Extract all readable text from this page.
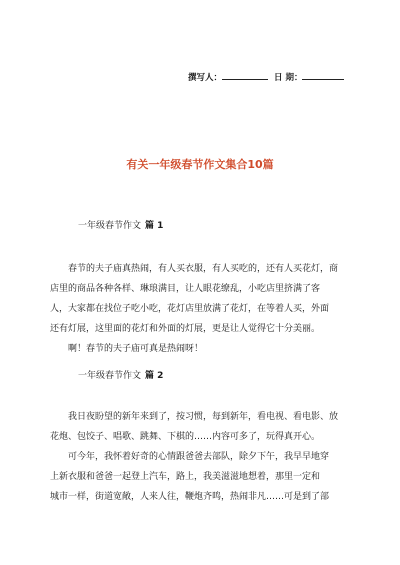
撰写人：	日 期：
有关一年级春节作文集合10篇
一年级春节作文 篇 1
春节的夫子庙真热闹，有人买衣服，有人买吃的，还有人买花灯，商
店里的商品各种各样、琳琅满目，让人眼花缭乱，小吃店里挤满了客
人，大家都在找位子吃小吃，花灯店里放满了花灯，在等着人买，外面
还有灯展，这里面的花灯和外面的灯展，更是让人觉得它十分美丽。
啊！春节的夫子庙可真是热闹呀！
一年级春节作文 篇 2
我日夜盼望的新年来到了，按习惯，每到新年，看电视、看电影、放
花炮、包饺子、唱歌、跳舞、下棋的……内容可多了，玩得真开心。
可今年，我怀着好奇的心情跟爸爸去部队，除夕下午，我早早地穿
上新衣服和爸爸一起登上汽车，路上，我美滋滋地想着，那里一定和
城市一样，街道宽敞，人来人往，鞭炮齐鸣，热闹非凡……可是到了部
